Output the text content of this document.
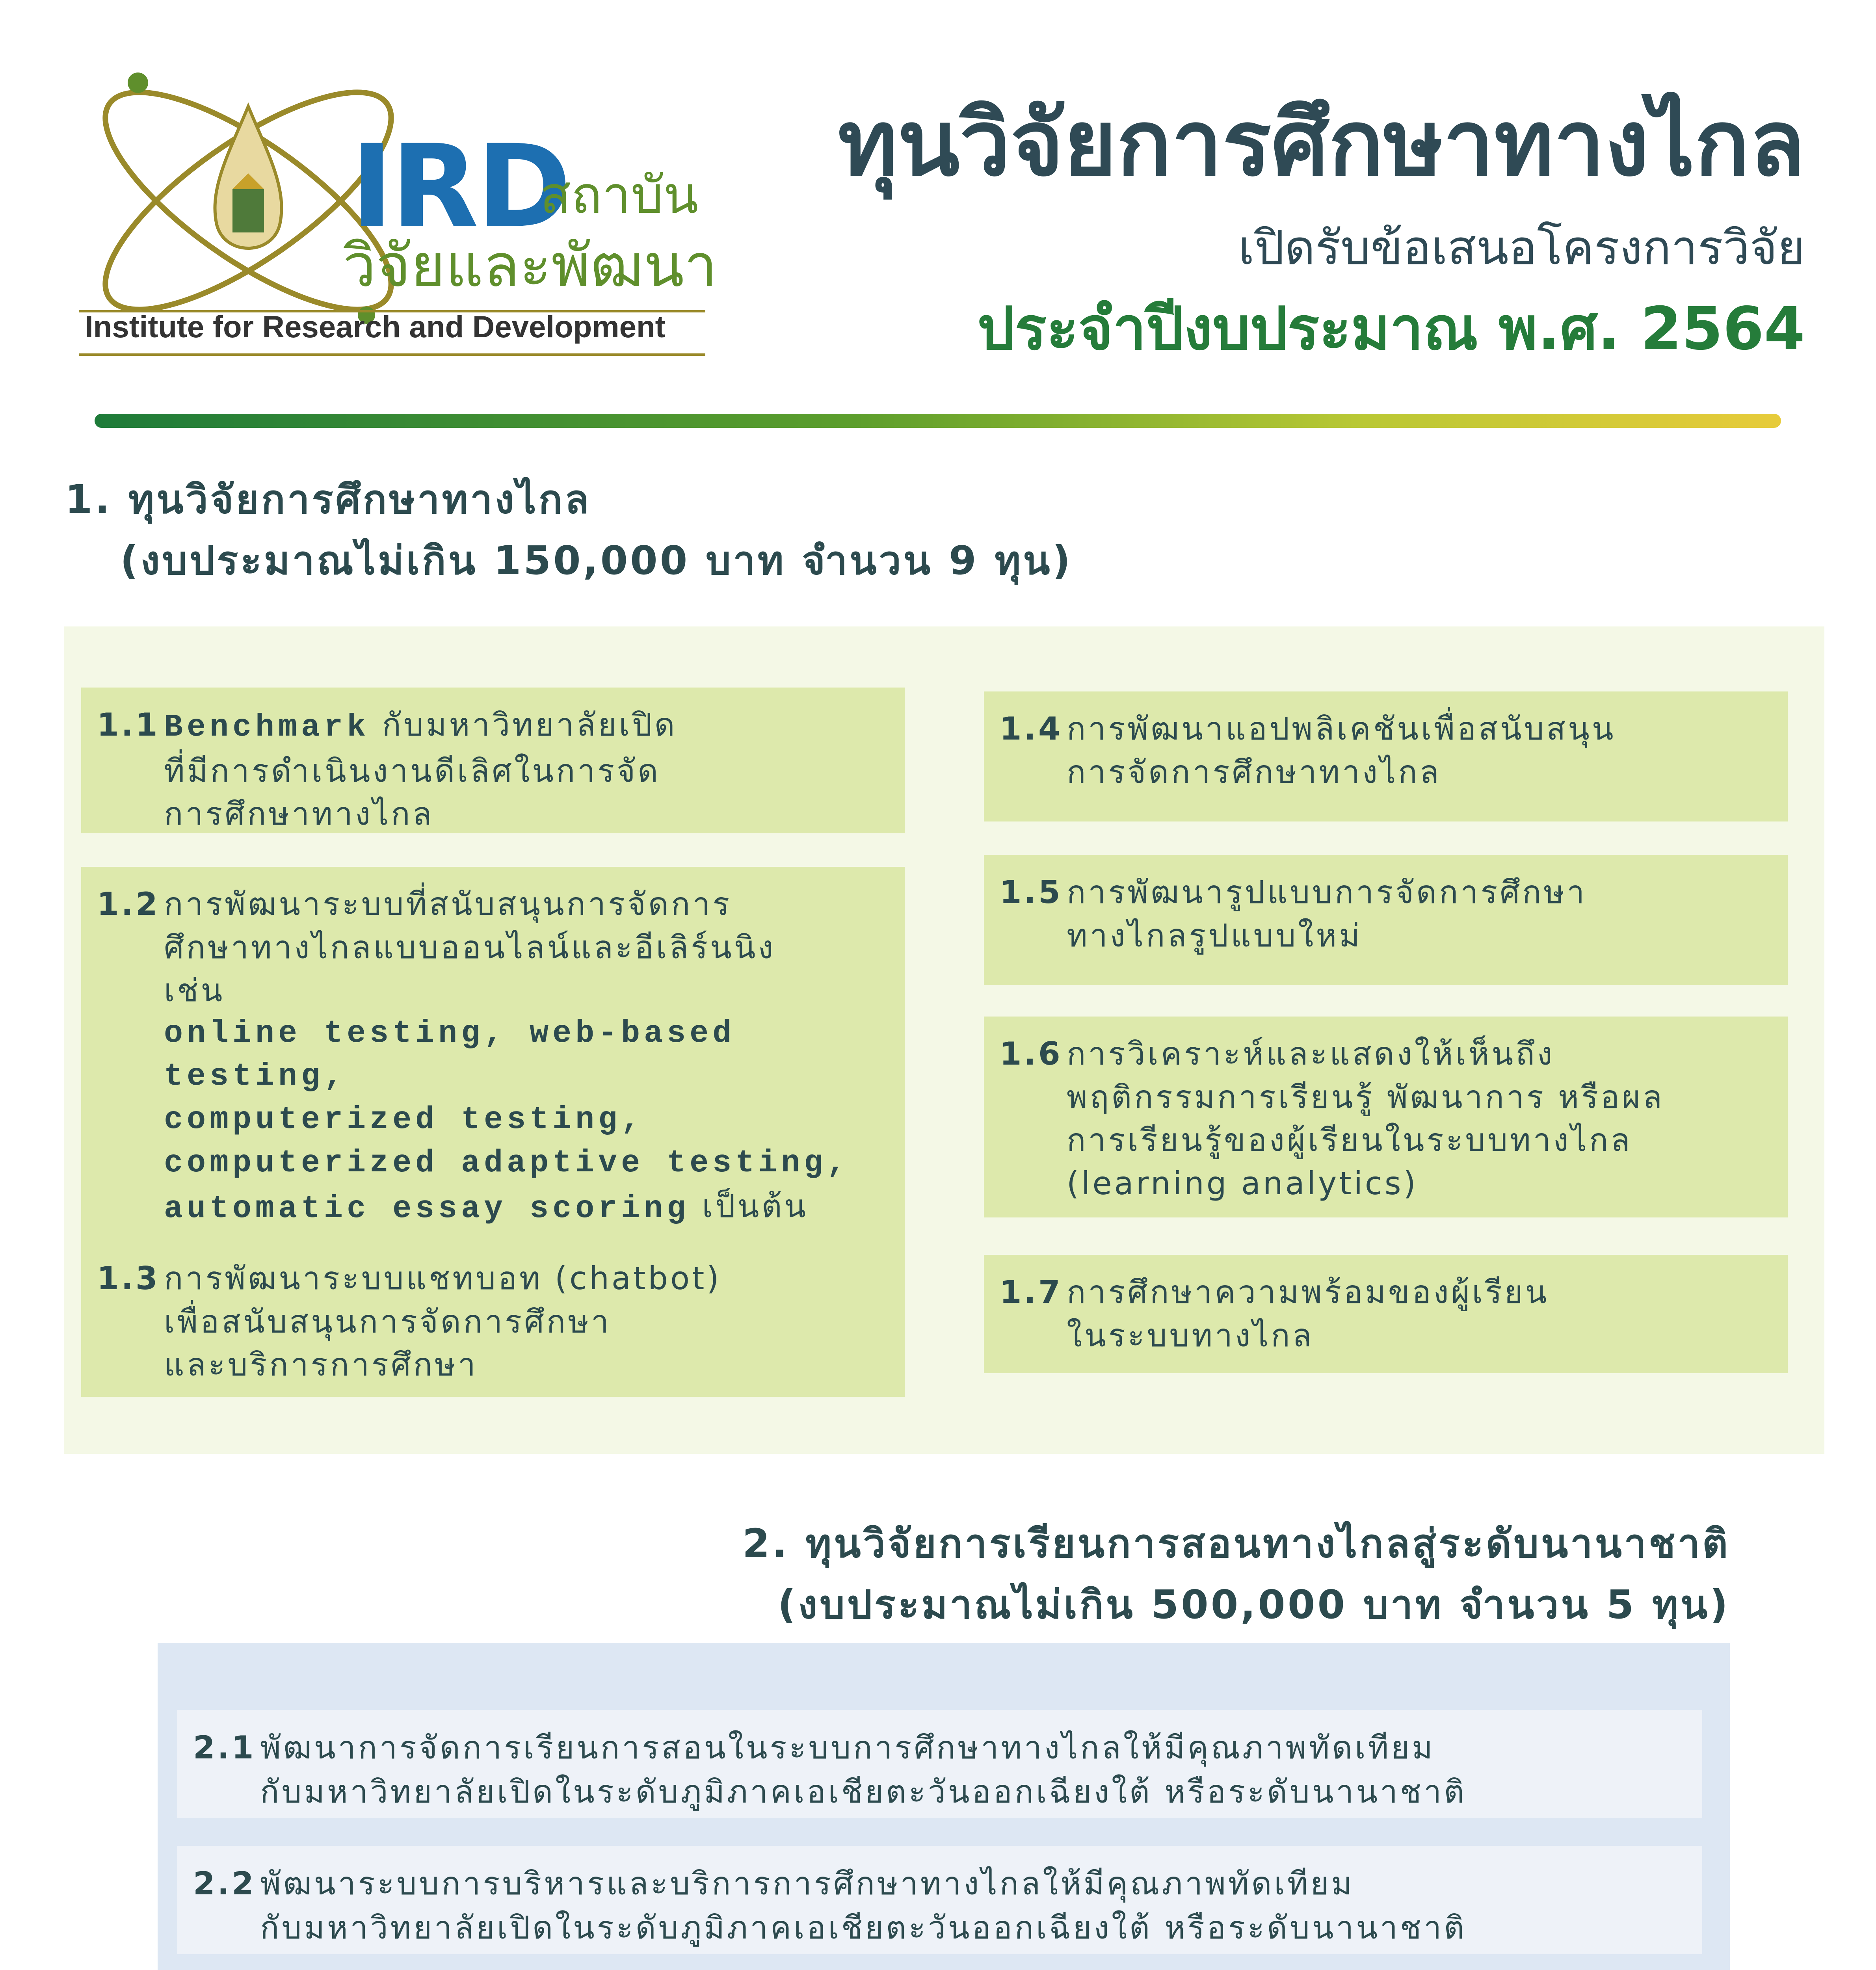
IRD
สถาบัน
วิจัยและพัฒนา
Institute for Research and Development
ทุนวิจัยการศึกษาทางไกล
เปิดรับข้อเสนอโครงการวิจัย
ประจำปีงบประมาณ พ.ศ. 2564
1. ทุนวิจัยการศึกษาทางไกล
(งบประมาณไม่เกิน 150,000 บาท จำนวน 9 ทุน)
1.1 Benchmark กับมหาวิทยาลัยเปิด
ที่มีการดำเนินงานดีเลิศในการจัด
การศึกษาทางไกล
1.2 การพัฒนาระบบที่สนับสนุนการจัดการ
ศึกษาทางไกลแบบออนไลน์และอีเลิร์นนิง
เช่น
online testing, web-based testing,
computerized testing,
computerized adaptive testing,
automatic essay scoring เป็นต้น
1.3 การพัฒนาระบบแชทบอท (chatbot)
เพื่อสนับสนุนการจัดการศึกษา
และบริการการศึกษา
1.4 การพัฒนาแอปพลิเคชันเพื่อสนับสนุน
การจัดการศึกษาทางไกล
1.5 การพัฒนารูปแบบการจัดการศึกษา
ทางไกลรูปแบบใหม่
1.6 การวิเคราะห์และแสดงให้เห็นถึง
พฤติกรรมการเรียนรู้ พัฒนาการ หรือผล
การเรียนรู้ของผู้เรียนในระบบทางไกล
(learning analytics)
1.7 การศึกษาความพร้อมของผู้เรียน
ในระบบทางไกล
2. ทุนวิจัยการเรียนการสอนทางไกลสู่ระดับนานาชาติ
(งบประมาณไม่เกิน 500,000 บาท จำนวน 5 ทุน)
2.1 พัฒนาการจัดการเรียนการสอนในระบบการศึกษาทางไกลให้มีคุณภาพทัดเทียม
กับมหาวิทยาลัยเปิดในระดับภูมิภาคเอเชียตะวันออกเฉียงใต้ หรือระดับนานาชาติ
2.2 พัฒนาระบบการบริหารและบริการการศึกษาทางไกลให้มีคุณภาพทัดเทียม
กับมหาวิทยาลัยเปิดในระดับภูมิภาคเอเชียตะวันออกเฉียงใต้ หรือระดับนานาชาติ
